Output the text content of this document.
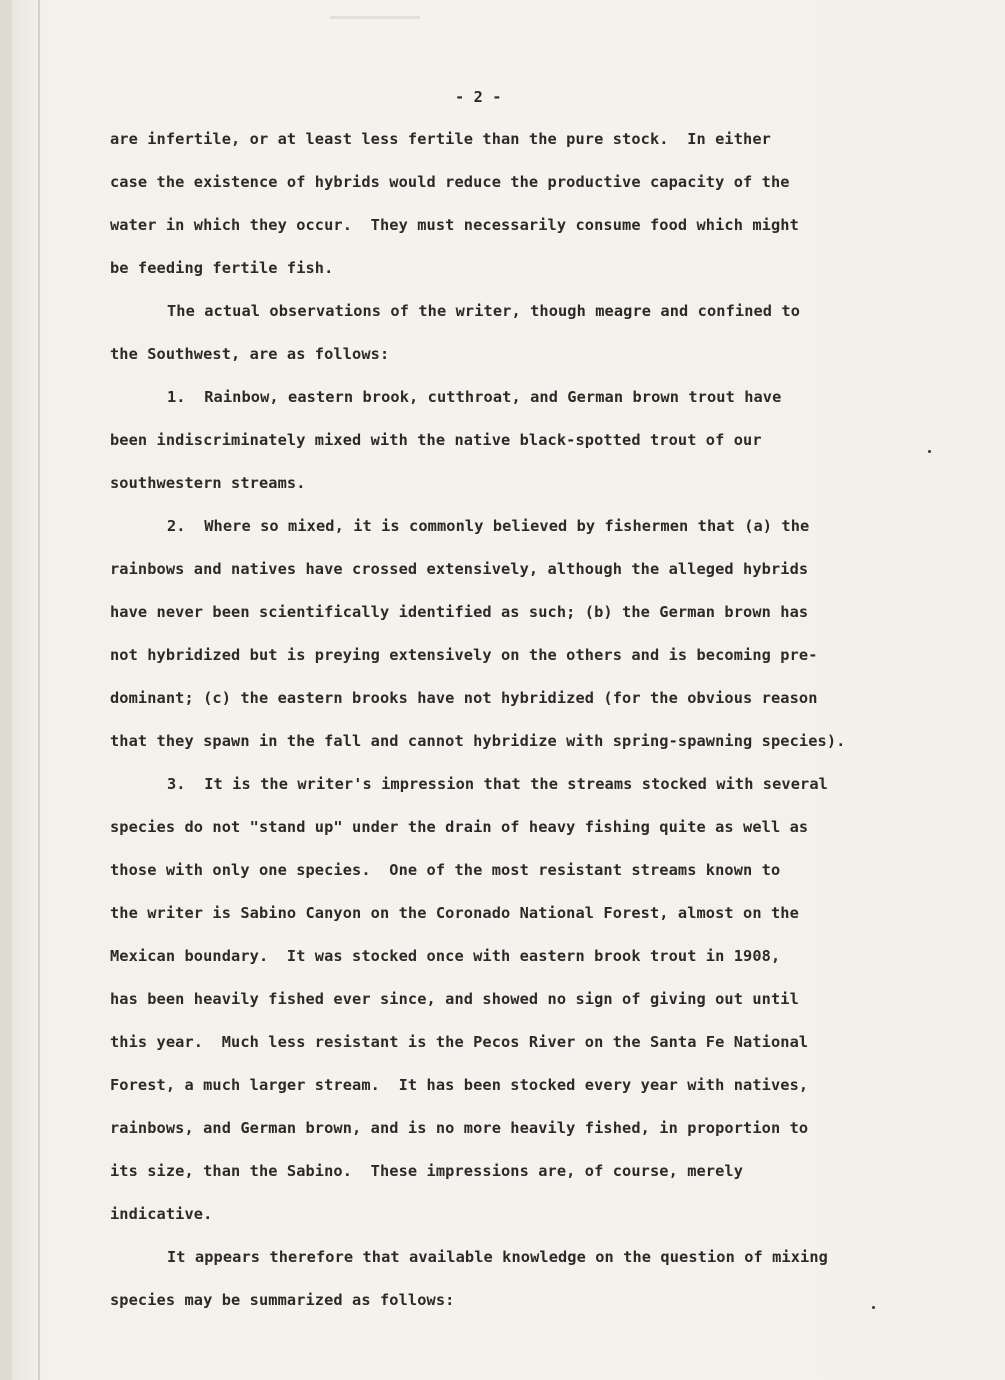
- 2 -
are infertile, or at least less fertile than the pure stock.  In either
case the existence of hybrids would reduce the productive capacity of the
water in which they occur.  They must necessarily consume food which might
be feeding fertile fish.
The actual observations of the writer, though meagre and confined to
the Southwest, are as follows:
1.  Rainbow, eastern brook, cutthroat, and German brown trout have
been indiscriminately mixed with the native black-spotted trout of our
southwestern streams.
2.  Where so mixed, it is commonly believed by fishermen that (a) the
rainbows and natives have crossed extensively, although the alleged hybrids
have never been scientifically identified as such; (b) the German brown has
not hybridized but is preying extensively on the others and is becoming pre-
dominant; (c) the eastern brooks have not hybridized (for the obvious reason
that they spawn in the fall and cannot hybridize with spring-spawning species).
3.  It is the writer's impression that the streams stocked with several
species do not "stand up" under the drain of heavy fishing quite as well as
those with only one species.  One of the most resistant streams known to
the writer is Sabino Canyon on the Coronado National Forest, almost on the
Mexican boundary.  It was stocked once with eastern brook trout in 1908,
has been heavily fished ever since, and showed no sign of giving out until
this year.  Much less resistant is the Pecos River on the Santa Fe National
Forest, a much larger stream.  It has been stocked every year with natives,
rainbows, and German brown, and is no more heavily fished, in proportion to
its size, than the Sabino.  These impressions are, of course, merely
indicative.
It appears therefore that available knowledge on the question of mixing
species may be summarized as follows:
